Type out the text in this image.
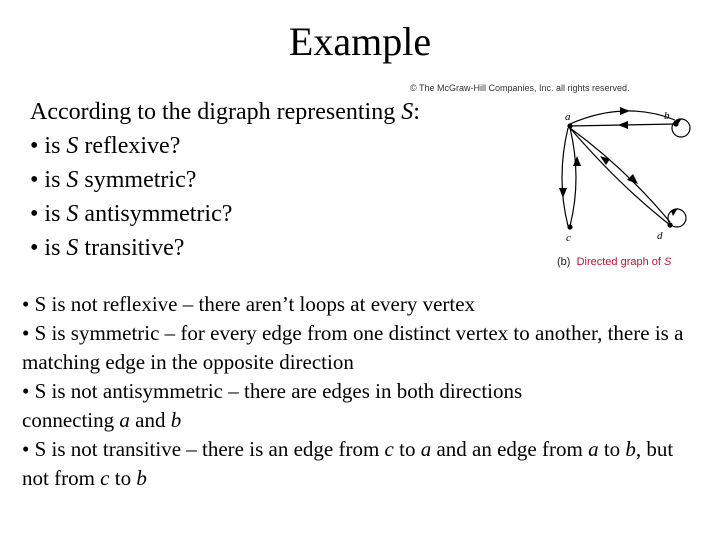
Example
According to the digraph representing S:
• is S reflexive?
• is S symmetric?
• is S antisymmetric?
• is S transitive?
© The McGraw-Hill Companies, Inc. all rights reserved.
a	b
c	d
(b) Directed graph of S

• S is not reflexive – there aren’t loops at every vertex

• S is symmetric – for every edge from one distinct vertex to another, there is a matching edge in the opposite direction

• S is not antisymmetric – there are edges in both directions

connecting a and b

• S is not transitive – there is an edge from c to a and an edge from a to b, but not from c to b
